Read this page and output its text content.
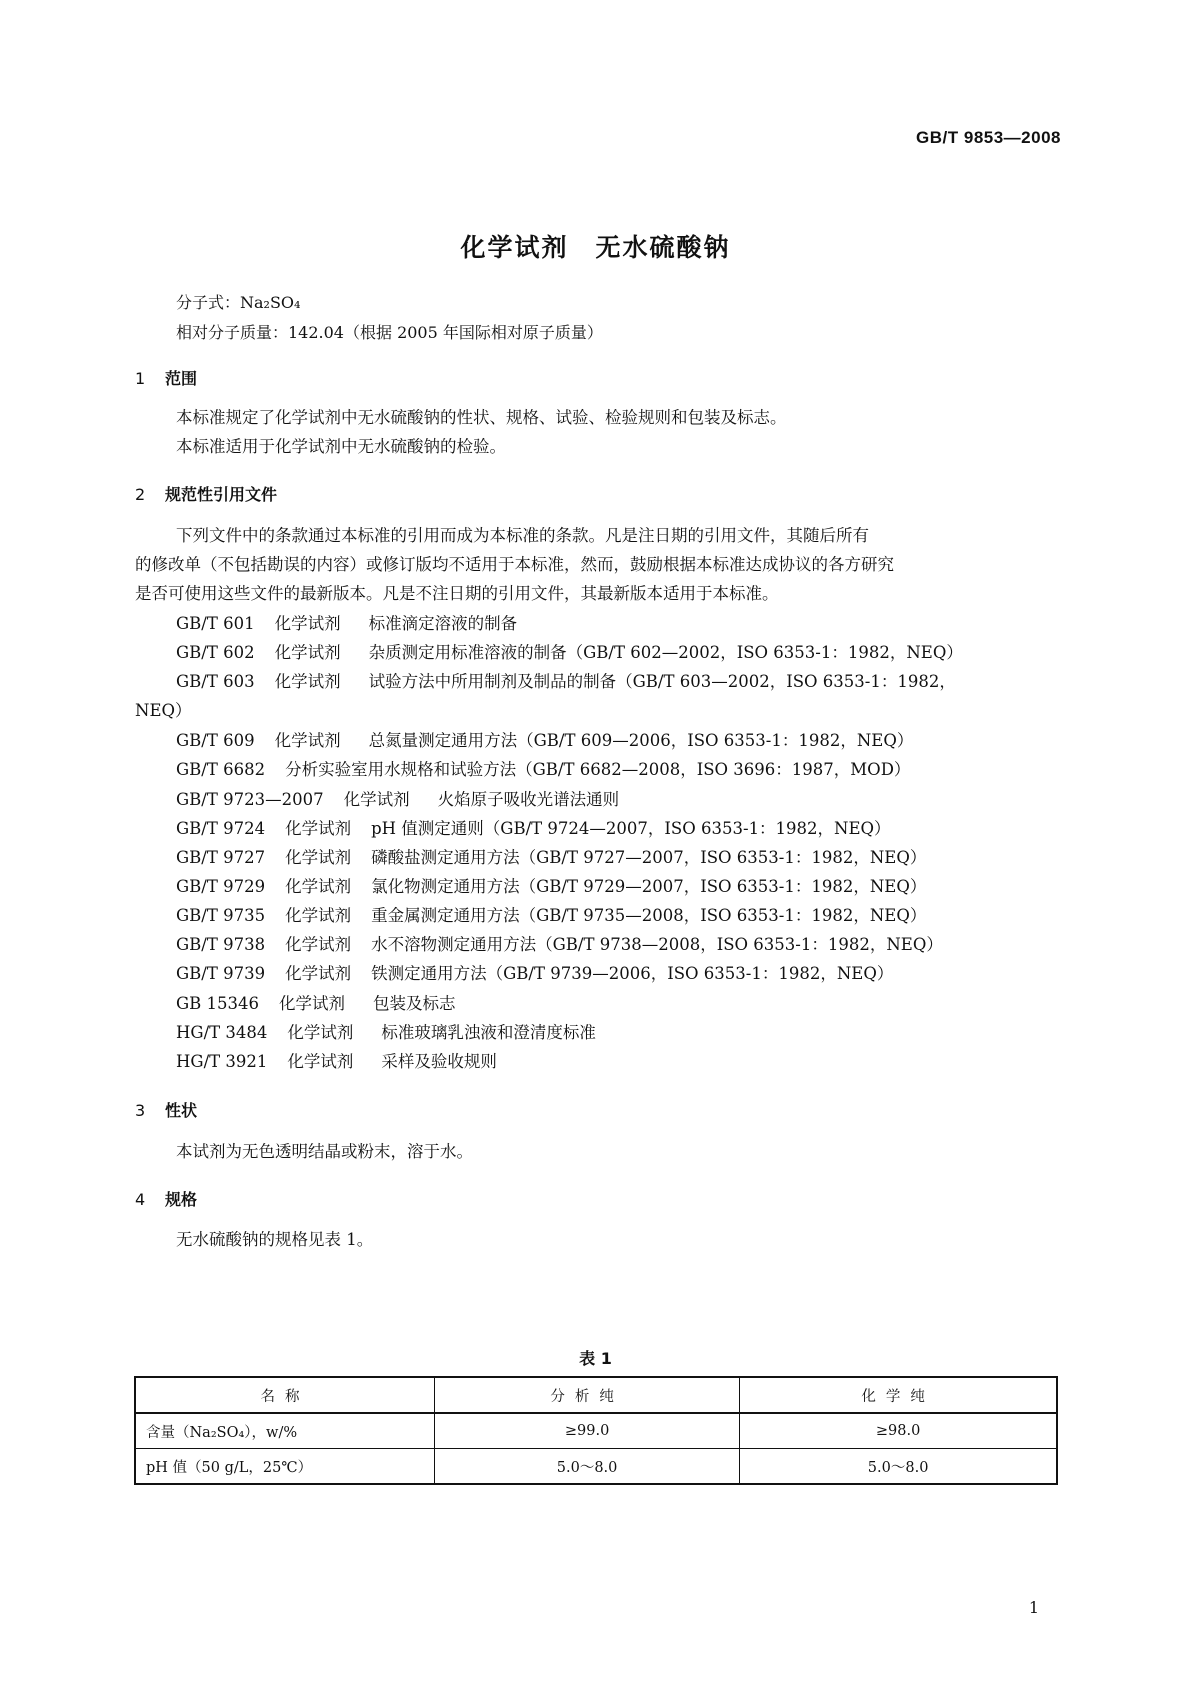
GB/T 9853—2008
化学试剂　无水硫酸钠
分子式：Na₂SO₄
相对分子质量：142.04（根据 2005 年国际相对原子质量）
1 范围
本标准规定了化学试剂中无水硫酸钠的性状、规格、试验、检验规则和包装及标志。
本标准适用于化学试剂中无水硫酸钠的检验。
2 规范性引用文件
下列文件中的条款通过本标准的引用而成为本标准的条款。凡是注日期的引用文件，其随后所有
的修改单（不包括勘误的内容）或修订版均不适用于本标准，然而，鼓励根据本标准达成协议的各方研究
是否可使用这些文件的最新版本。凡是不注日期的引用文件，其最新版本适用于本标准。
GB/T 601 化学试剂 标准滴定溶液的制备
GB/T 602 化学试剂 杂质测定用标准溶液的制备（GB/T 602—2002，ISO 6353-1：1982，NEQ）
GB/T 603 化学试剂 试验方法中所用制剂及制品的制备（GB/T 603—2002，ISO 6353-1：1982，
NEQ）
GB/T 609 化学试剂 总氮量测定通用方法（GB/T 609—2006，ISO 6353-1：1982，NEQ）
GB/T 6682 分析实验室用水规格和试验方法（GB/T 6682—2008，ISO 3696：1987，MOD）
GB/T 9723—2007 化学试剂 火焰原子吸收光谱法通则
GB/T 9724 化学试剂 pH 值测定通则（GB/T 9724—2007，ISO 6353-1：1982，NEQ）
GB/T 9727 化学试剂 磷酸盐测定通用方法（GB/T 9727—2007，ISO 6353-1：1982，NEQ）
GB/T 9729 化学试剂 氯化物测定通用方法（GB/T 9729—2007，ISO 6353-1：1982，NEQ）
GB/T 9735 化学试剂 重金属测定通用方法（GB/T 9735—2008，ISO 6353-1：1982，NEQ）
GB/T 9738 化学试剂 水不溶物测定通用方法（GB/T 9738—2008，ISO 6353-1：1982，NEQ）
GB/T 9739 化学试剂 铁测定通用方法（GB/T 9739—2006，ISO 6353-1：1982，NEQ）
GB 15346 化学试剂 包装及标志
HG/T 3484 化学试剂 标准玻璃乳浊液和澄清度标准
HG/T 3921 化学试剂 采样及验收规则
3 性状
本试剂为无色透明结晶或粉末，溶于水。
4 规格
无水硫酸钠的规格见表 1。
表 1
名称	分析纯	化学纯
含量（Na₂SO₄），w/%	≥99.0	≥98.0
pH 值（50 g/L，25℃）	5.0～8.0	5.0～8.0
1
